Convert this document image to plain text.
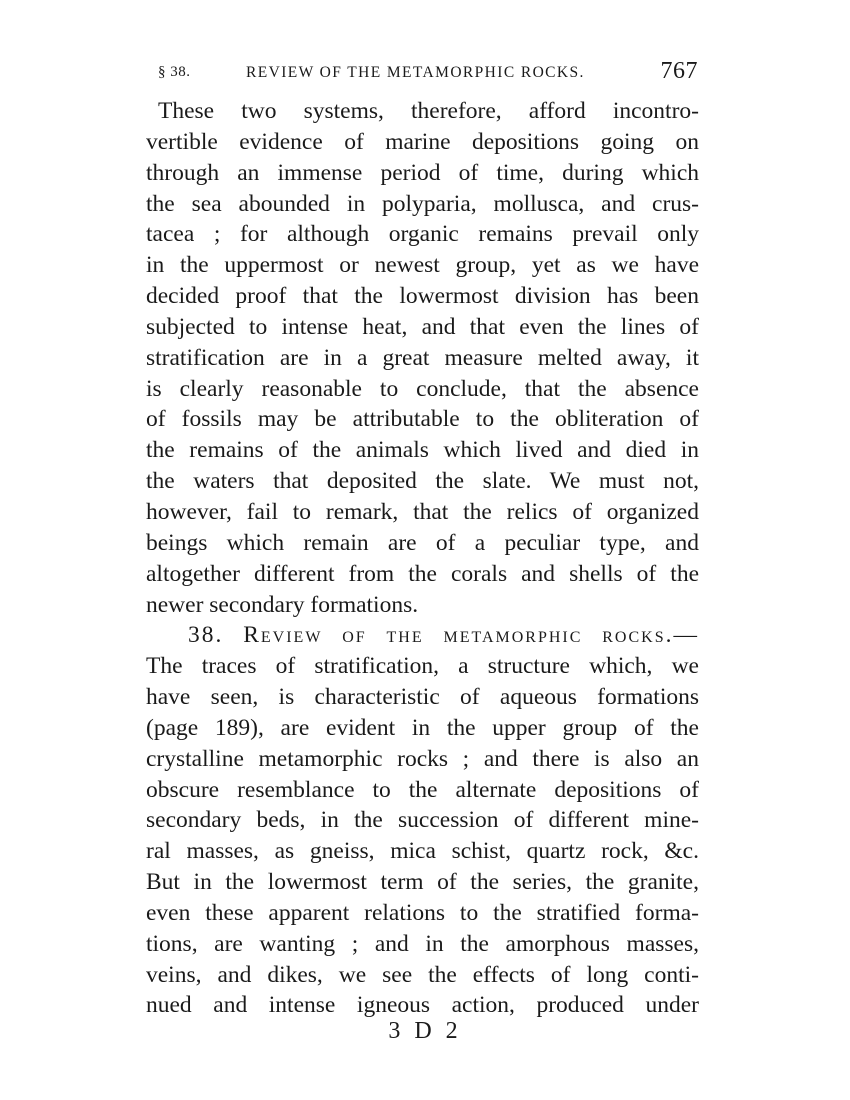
§ 38.	REVIEW OF THE METAMORPHIC ROCKS.	767
These two systems, therefore, afford incontro-
vertible evidence of marine depositions going on
through an immense period of time, during which
the sea abounded in polyparia, mollusca, and crus-
tacea ; for although organic remains prevail only
in the uppermost or newest group, yet as we have
decided proof that the lowermost division has been
subjected to intense heat, and that even the lines of
stratification are in a great measure melted away, it
is clearly reasonable to conclude, that the absence
of fossils may be attributable to the obliteration of
the remains of the animals which lived and died in
the waters that deposited the slate. We must not,
however, fail to remark, that the relics of organized
beings which remain are of a peculiar type, and
altogether different from the corals and shells of the
newer secondary formations.
38. Review of the metamorphic rocks.—
The traces of stratification, a structure which, we
have seen, is characteristic of aqueous formations
(page 189), are evident in the upper group of the
crystalline metamorphic rocks ; and there is also an
obscure resemblance to the alternate depositions of
secondary beds, in the succession of different mine-
ral masses, as gneiss, mica schist, quartz rock, &c.
But in the lowermost term of the series, the granite,
even these apparent relations to the stratified forma-
tions, are wanting ; and in the amorphous masses,
veins, and dikes, we see the effects of long conti-
nued and intense igneous action, produced under
3 D 2
